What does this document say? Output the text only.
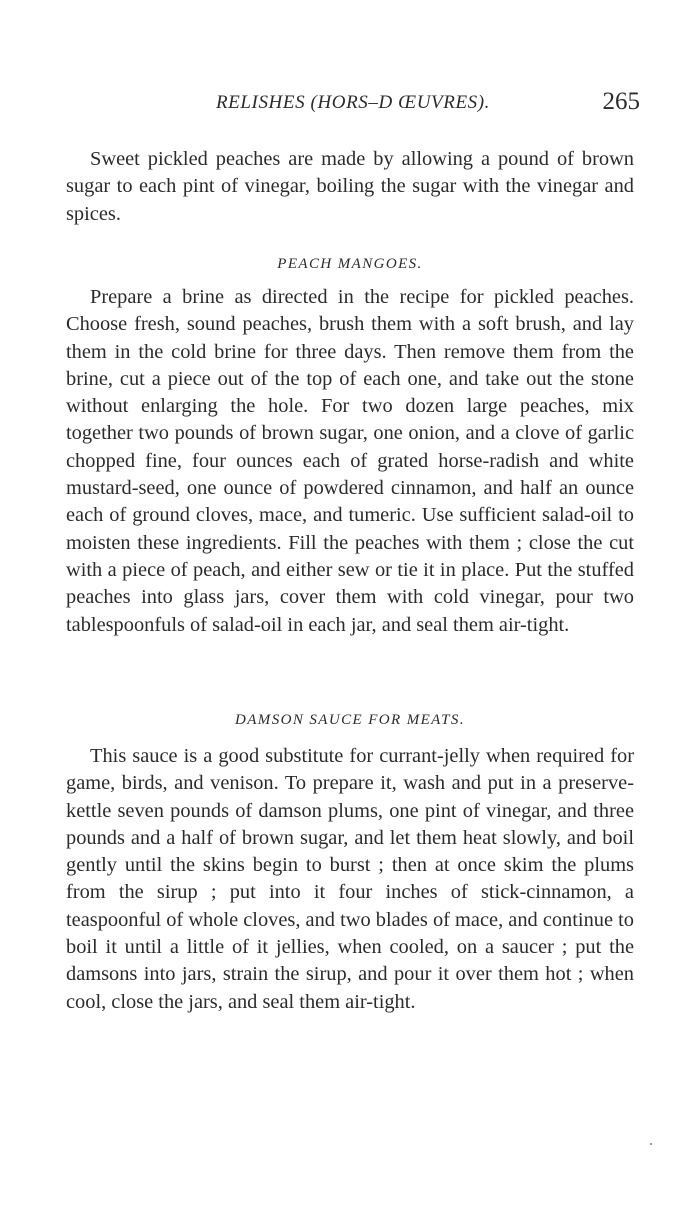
RELISHES (HORS–D ŒUVRES).	265

Sweet pickled peaches are made by allowing a pound of brown sugar to each pint of vinegar, boiling the sugar with the vinegar and spices.

PEACH MANGOES.

Prepare a brine as directed in the recipe for pickled peaches. Choose fresh, sound peaches, brush them with a soft brush, and lay them in the cold brine for three days. Then remove them from the brine, cut a piece out of the top of each one, and take out the stone without enlarging the hole. For two dozen large peaches, mix together two pounds of brown sugar, one onion, and a clove of garlic chopped fine, four ounces each of grated horse-radish and white mustard-seed, one ounce of powdered cinnamon, and half an ounce each of ground cloves, mace, and tumeric. Use sufficient salad-oil to moisten these ingredients. Fill the peaches with them ; close the cut with a piece of peach, and either sew or tie it in place. Put the stuffed peaches into glass jars, cover them with cold vinegar, pour two tablespoonfuls of salad-oil in each jar, and seal them air-tight.

DAMSON SAUCE FOR MEATS.

This sauce is a good substitute for currant-jelly when required for game, birds, and venison. To prepare it, wash and put in a preserve-kettle seven pounds of damson plums, one pint of vinegar, and three pounds and a half of brown sugar, and let them heat slowly, and boil gently until the skins begin to burst ; then at once skim the plums from the sirup ; put into it four inches of stick-cinnamon, a teaspoonful of whole cloves, and two blades of mace, and continue to boil it until a little of it jellies, when cooled, on a saucer ; put the damsons into jars, strain the sirup, and pour it over them hot ; when cool, close the jars, and seal them air-tight.
